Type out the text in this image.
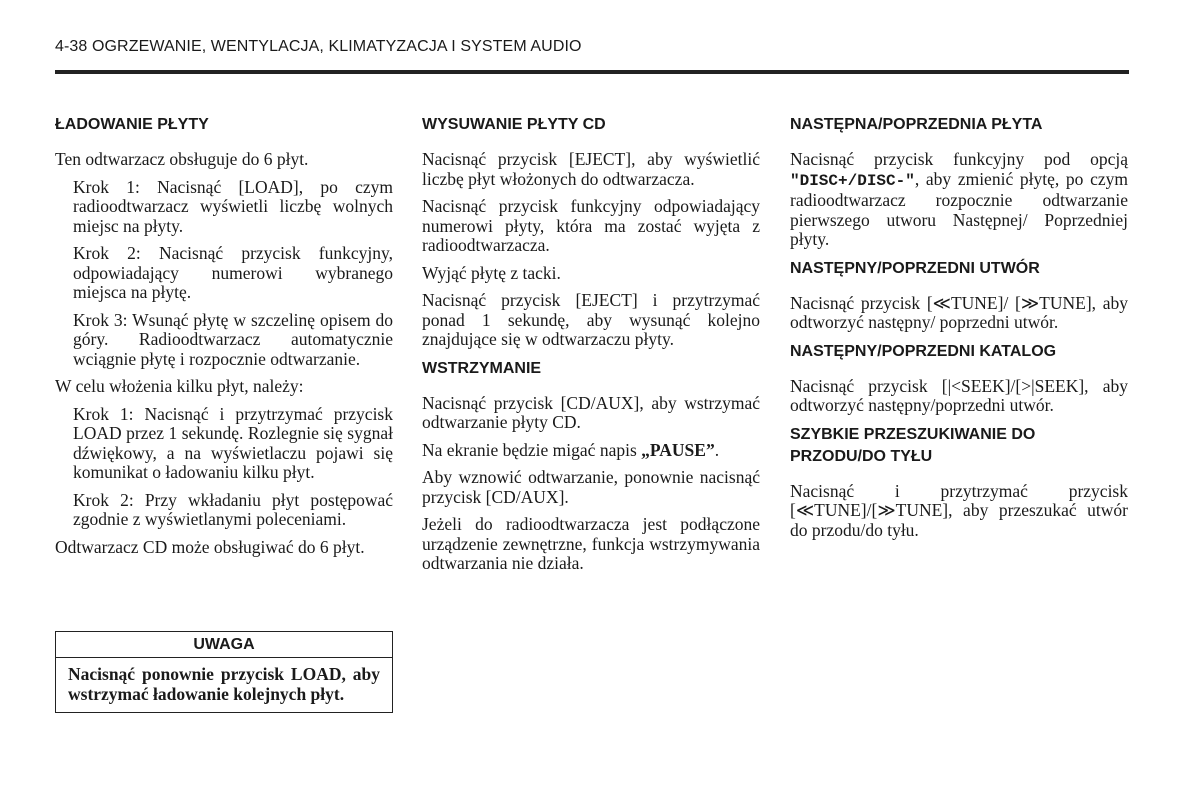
4-38 OGRZEWANIE, WENTYLACJA, KLIMATYZACJA I SYSTEM AUDIO
ŁADOWANIE PŁYTY

Ten odtwarzacz obsługuje do 6 płyt.

Krok 1: Nacisnąć [LOAD], po czym radioodtwarzacz wyświetli liczbę wolnych miejsc na płyty.

Krok 2: Nacisnąć przycisk funkcyjny, odpowiadający numerowi wybranego miejsca na płytę.

Krok 3: Wsunąć płytę w szczelinę opisem do góry. Radioodtwarzacz automatycznie wciągnie płytę i rozpocznie odtwarzanie.

W celu włożenia kilku płyt, należy:

Krok 1: Nacisnąć i przytrzymać przycisk LOAD przez 1 sekundę. Rozlegnie się sygnał dźwiękowy, a na wyświetlaczu pojawi się komunikat o ładowaniu kilku płyt.

Krok 2: Przy wkładaniu płyt postępować zgodnie z wyświetlanymi poleceniami.

Odtwarzacz CD może obsługiwać do 6 płyt.

UWAGA
Nacisnąć ponownie przycisk LOAD, aby wstrzymać ładowanie kolejnych płyt.
WYSUWANIE PŁYTY CD

Nacisnąć przycisk [EJECT], aby wyświetlić liczbę płyt włożonych do odtwarzacza.

Nacisnąć przycisk funkcyjny odpowiadający numerowi płyty, która ma zostać wyjęta z radioodtwarzacza.

Wyjąć płytę z tacki.

Nacisnąć przycisk [EJECT] i przytrzymać ponad 1 sekundę, aby wysunąć kolejno znajdujące się w odtwarzaczu płyty.

WSTRZYMANIE

Nacisnąć przycisk [CD/AUX], aby wstrzymać odtwarzanie płyty CD.

Na ekranie będzie migać napis „PAUSE”.

Aby wznowić odtwarzanie, ponownie nacisnąć przycisk [CD/AUX].

Jeżeli do radioodtwarzacza jest podłączone urządzenie zewnętrzne, funkcja wstrzymywania odtwarzania nie działa.

NASTĘPNA/POPRZEDNIA PŁYTA

Nacisnąć przycisk funkcyjny pod opcją "DISC+/DISC-", aby zmienić płytę, po czym radioodtwarzacz rozpocznie odtwarzanie pierwszego utworu Następnej/ Poprzedniej płyty.

NASTĘPNY/POPRZEDNI UTWÓR

Nacisnąć przycisk [≪TUNE]/ [≫TUNE], aby odtworzyć następny/ poprzedni utwór.

NASTĘPNY/POPRZEDNI KATALOG

Nacisnąć przycisk [|<SEEK]/[>|SEEK], aby odtworzyć następny/poprzedni utwór.

SZYBKIE PRZESZUKIWANIE DO PRZODU/DO TYŁU

Nacisnąć i przytrzymać przycisk [≪TUNE]/[≫TUNE], aby przeszukać utwór do przodu/do tyłu.
